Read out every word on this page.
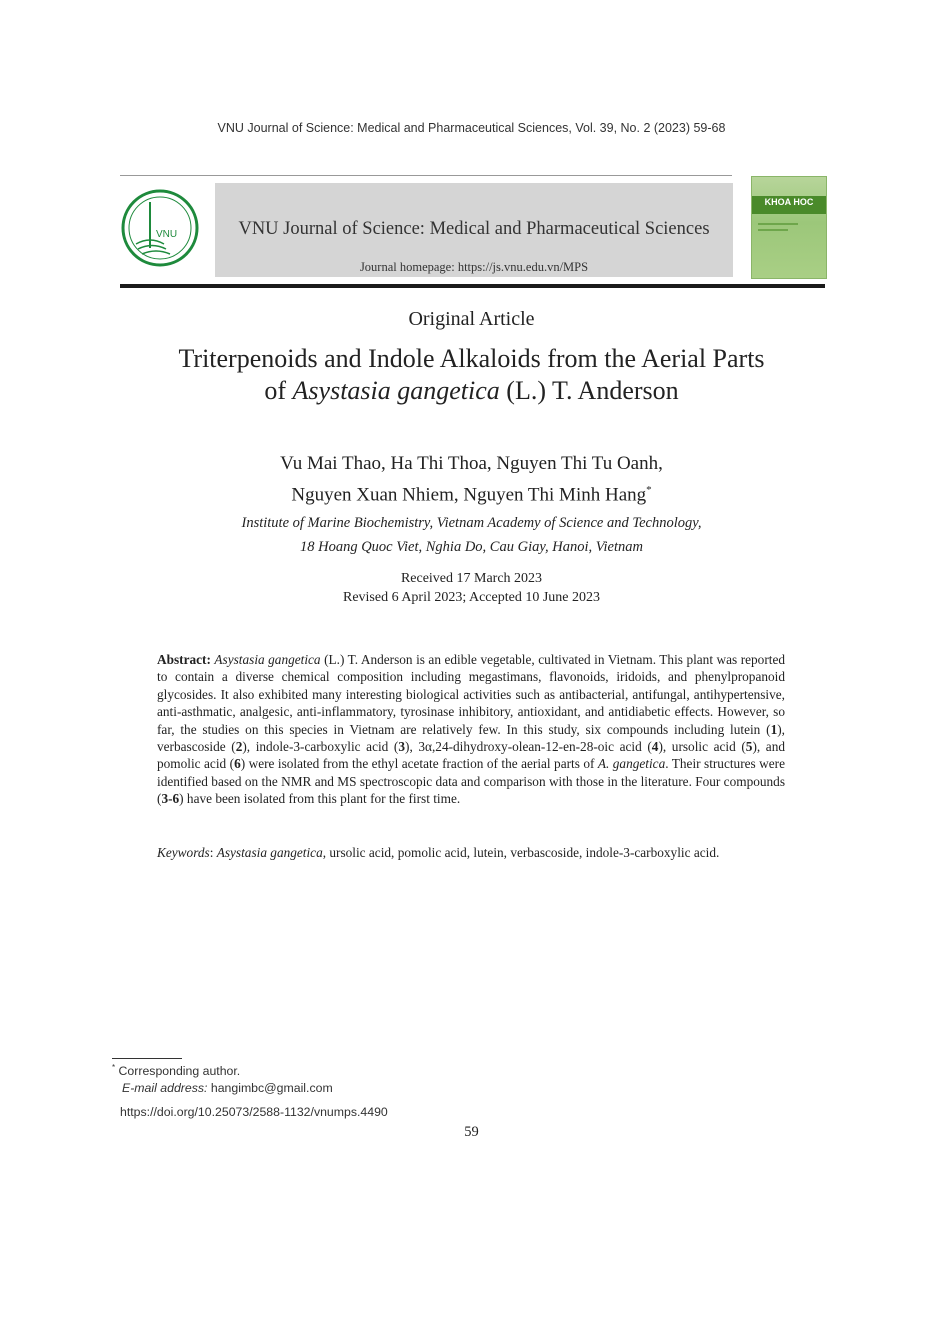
VNU Journal of Science: Medical and Pharmaceutical Sciences, Vol. 39, No. 2 (2023) 59-68
VNU	VNU Journal of Science: Medical and Pharmaceutical Sciences
Journal homepage: https://js.vnu.edu.vn/MPS
KHOA HOC
Original Article
Triterpenoids and Indole Alkaloids from the Aerial Parts
of Asystasia gangetica (L.) T. Anderson
Vu Mai Thao, Ha Thi Thoa, Nguyen Thi Tu Oanh,
Nguyen Xuan Nhiem, Nguyen Thi Minh Hang*
Institute of Marine Biochemistry, Vietnam Academy of Science and Technology,
18 Hoang Quoc Viet, Nghia Do, Cau Giay, Hanoi, Vietnam
Received 17 March 2023
Revised 6 April 2023; Accepted 10 June 2023
Abstract: Asystasia gangetica (L.) T. Anderson is an edible vegetable, cultivated in Vietnam. This plant was reported to contain a diverse chemical composition including megastimans, flavonoids, iridoids, and phenylpropanoid glycosides. It also exhibited many interesting biological activities such as antibacterial, antifungal, antihypertensive, anti-asthmatic, analgesic, anti-inflammatory, tyrosinase inhibitory, antioxidant, and antidiabetic effects. However, so far, the studies on this species in Vietnam are relatively few. In this study, six compounds including lutein (1), verbascoside (2), indole-3-carboxylic acid (3), 3α,24-dihydroxy-olean-12-en-28-oic acid (4), ursolic acid (5), and pomolic acid (6) were isolated from the ethyl acetate fraction of the aerial parts of A. gangetica. Their structures were identified based on the NMR and MS spectroscopic data and comparison with those in the literature. Four compounds (3-6) have been isolated from this plant for the first time.
Keywords: Asystasia gangetica, ursolic acid, pomolic acid, lutein, verbascoside, indole-3-carboxylic acid.
* Corresponding author.
E-mail address: hangimbc@gmail.com
https://doi.org/10.25073/2588-1132/vnumps.4490
59
